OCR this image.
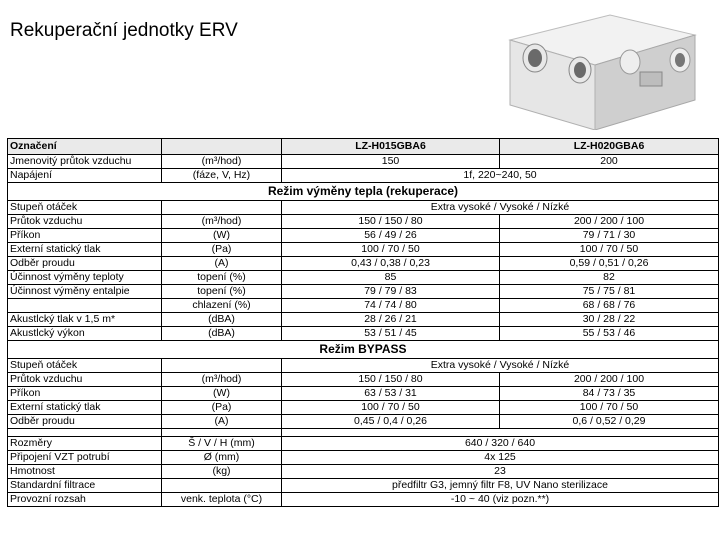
Rekuperační jednotky ERV
Označení		LZ-H015GBA6	LZ-H020GBA6
Jmenovitý průtok vzduchu	(m³/hod)	150	200
Napájení	(fáze, V, Hz)	1f, 220~240, 50	
Režim výměny tepla (rekuperace)			
Stupeň otáček		Extra vysoké / Vysoké / Nízké	
Průtok vzduchu	(m³/hod)	150 / 150 / 80	200 / 200 / 100
Příkon	(W)	56 / 49 / 26	79 / 71 / 30
Externí statický tlak	(Pa)	100 / 70 / 50	100 / 70 / 50
Odběr proudu	(A)	0,43 / 0,38 / 0,23	0,59 / 0,51 / 0,26
Účinnost výměny teploty	topení (%)	85	82
Účinnost výměny entalpie	topení (%)	79 / 79 / 83	75 / 75 / 81
	chlazení (%)	74 / 74 / 80	68 / 68 / 76
Akustlcký tlak v 1,5 m*	(dBA)	28 / 26 / 21	30 / 28 / 22
Akustlcký výkon	(dBA)	53 / 51 / 45	55 / 53 / 46
Režim BYPASS			
Stupeň otáček		Extra vysoké / Vysoké / Nízké	
Průtok vzduchu	(m³/hod)	150 / 150 / 80	200 / 200 / 100
Příkon	(W)	63 / 53 / 31	84 / 73 / 35
Externí statický tlak	(Pa)	100 / 70 / 50	100 / 70 / 50
Odběr proudu	(A)	0,45 / 0,4 / 0,26	0,6 / 0,52 / 0,29

Rozměry	Š / V / H (mm)	640 / 320 / 640	
Připojení VZT potrubí	Ø (mm)	4x 125	
Hmotnost	(kg)	23	
Standardní filtrace		předfiltr G3, jemný filtr F8, UV Nano sterilizace	
Provozní rozsah	venk. teplota (°C)	-10 ~ 40 (viz pozn.**)	
